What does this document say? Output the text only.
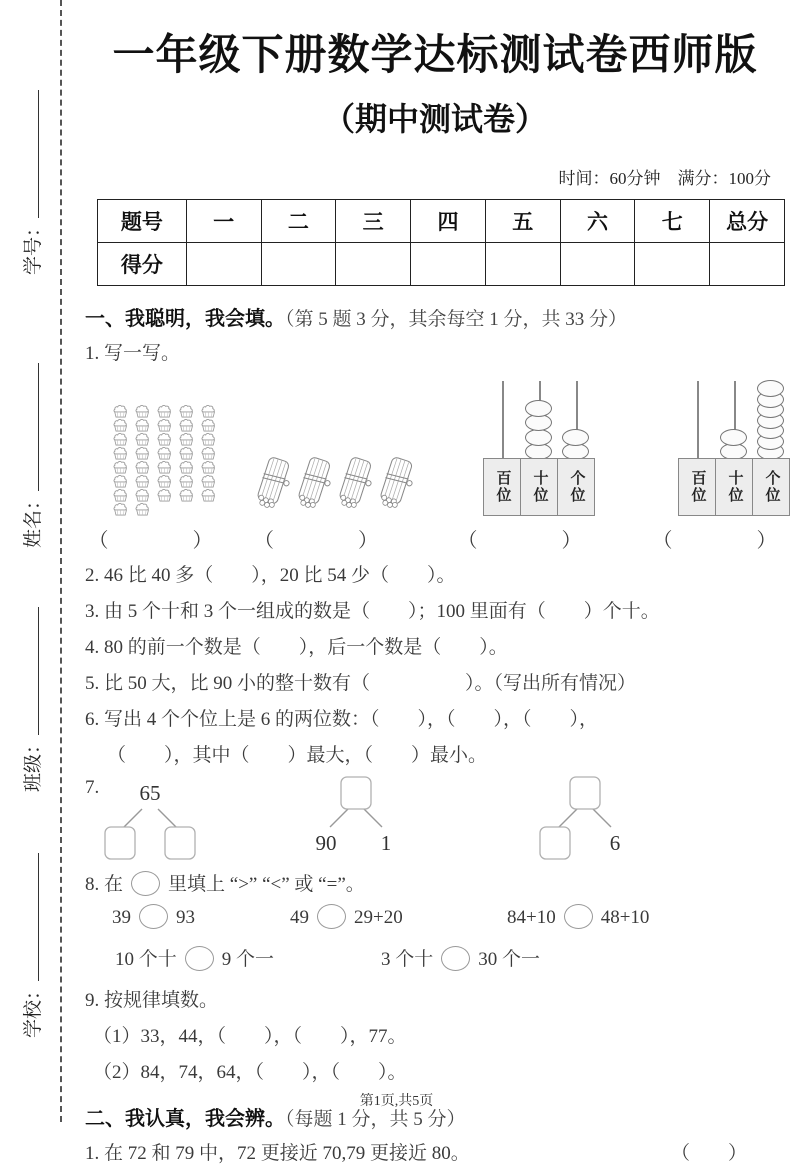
学号：
姓名：
班级：
学校：
一年级下册数学达标测试卷西师版
（期中测试卷）
时间：60分钟　满分：100分
题号	一	二	三	四	五	六	七	总分
得分								
一、我聪明，我会填。（第 5 题 3 分，其余每空 1 分，共 33 分）
1. 写一写。
（　　　）	（　　　）
百位 十位 个位
（　　　）
百位 十位 个位
（　　　）
2. 46 比 40 多（　　），20 比 54 少（　　）。
3. 由 5 个十和 3 个一组成的数是（　　）；100 里面有（　　）个十。
4. 80 的前一个数是（　　），后一个数是（　　）。
5. 比 50 大，比 90 小的整十数有（　　　　　）。（写出所有情况）
6. 写出 4 个个位上是 6 的两位数：（　　），（　　），（　　），
（　　），其中（　　）最大，（　　）最小。
7. 65
90 1	6
8. 在 里填上 “>” “<” 或 “=”。
39 93	49 29+20	84+10 48+10
10 个十 9 个一	3 个十 30 个一
9. 按规律填数。
（1）33，44，（　　），（　　），77。
（2）84，74，64，（　　），（　　）。
二、我认真，我会辨。（每题 1 分，共 5 分）
1. 在 72 和 79 中，72 更接近 70,79 更接近 80。	（　　）
第1页,共5页
